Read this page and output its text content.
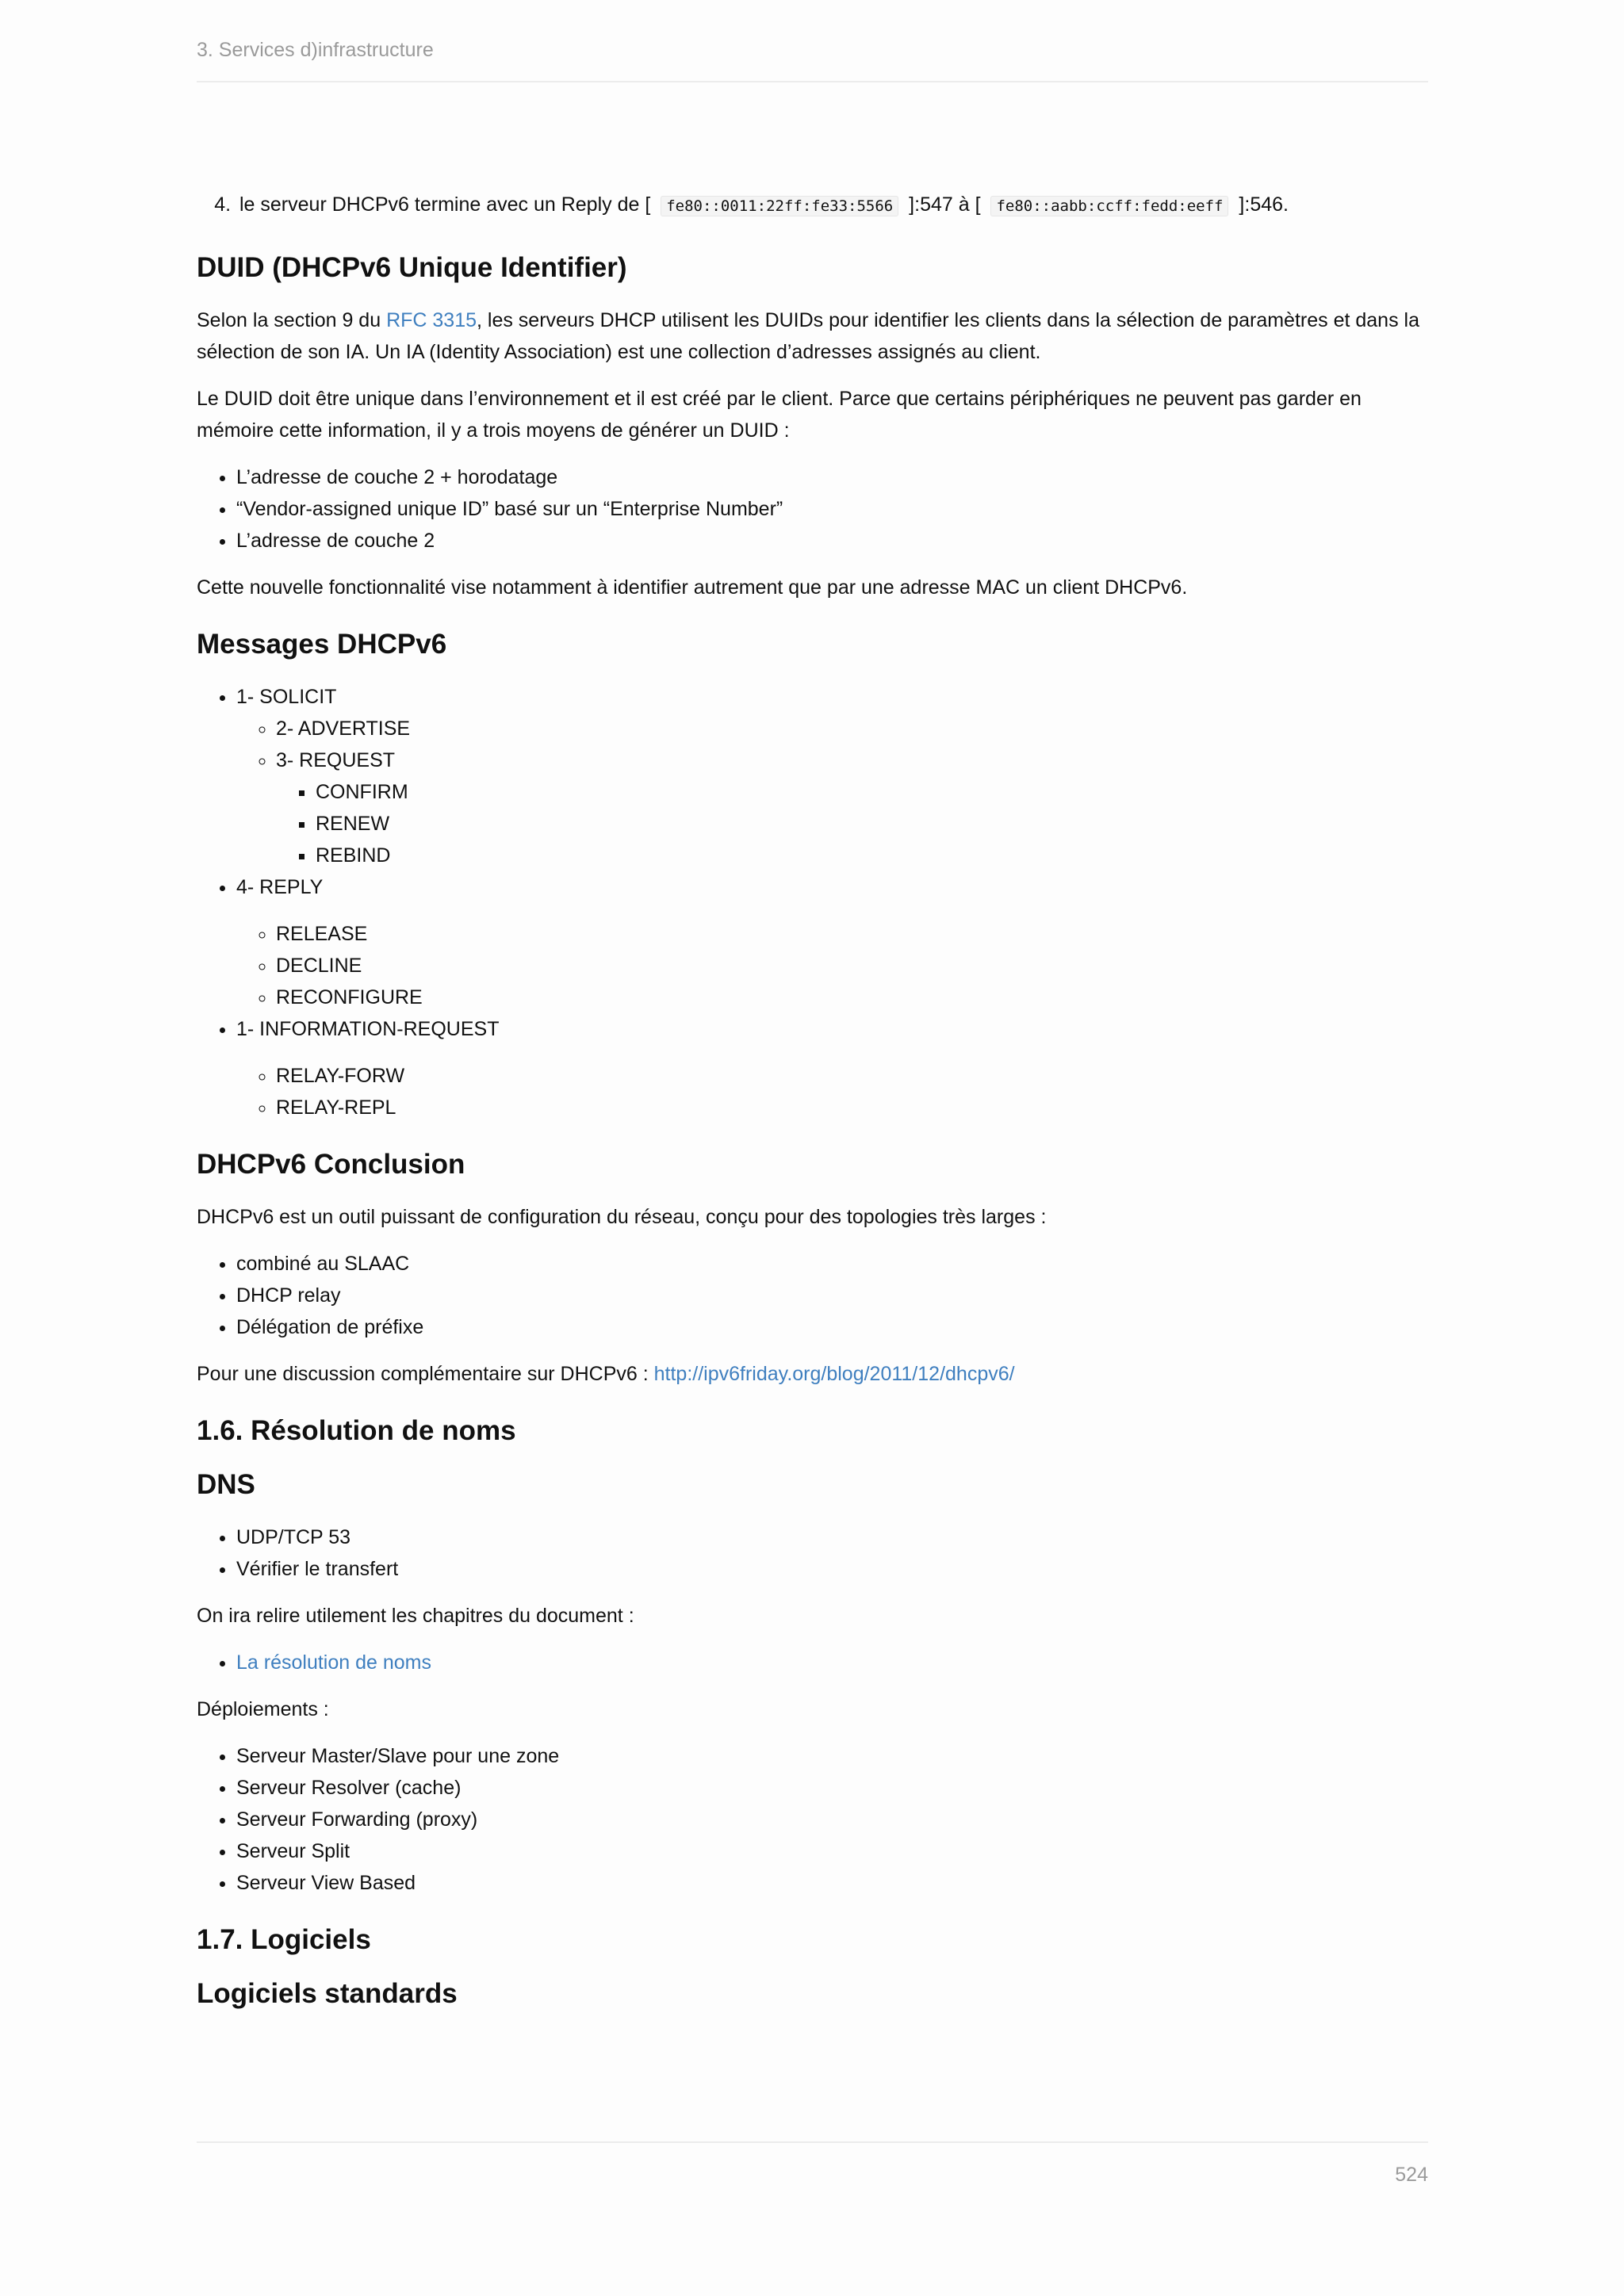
3. Services d)infrastructure
4. le serveur DHCPv6 termine avec un Reply de [ fe80::0011:22ff:fe33:5566 ]:547 à [ fe80::aabb:ccff:fedd:eeff ]:546.
DUID (DHCPv6 Unique Identifier)

Selon la section 9 du RFC 3315, les serveurs DHCP utilisent les DUIDs pour identifier les clients dans la sélection de paramètres et dans la sélection de son IA. Un IA (Identity Association) est une collection d’adresses assignés au client.

Le DUID doit être unique dans l’environnement et il est créé par le client. Parce que certains périphériques ne peuvent pas garder en mémoire cette information, il y a trois moyens de générer un DUID :

• L’adresse de couche 2 + horodatage
• “Vendor-assigned unique ID” basé sur un “Enterprise Number”
• L’adresse de couche 2

Cette nouvelle fonctionnalité vise notamment à identifier autrement que par une adresse MAC un client DHCPv6.

Messages DHCPv6
• 1- SOLICIT
◦ 2- ADVERTISE
◦ 3- REQUEST
▪ CONFIRM
▪ RENEW
▪ REBIND
• 4- REPLY
◦ RELEASE
◦ DECLINE
◦ RECONFIGURE
• 1- INFORMATION-REQUEST
◦ RELAY-FORW
◦ RELAY-REPL
DHCPv6 Conclusion

DHCPv6 est un outil puissant de configuration du réseau, conçu pour des topologies très larges :

• combiné au SLAAC
• DHCP relay
• Délégation de préfixe

Pour une discussion complémentaire sur DHCPv6 : http://ipv6friday.org/blog/2011/12/dhcpv6/

1.6. Résolution de noms
DNS
• UDP/TCP 53
• Vérifier le transfert

On ira relire utilement les chapitres du document :

• La résolution de noms

Déploiements :

• Serveur Master/Slave pour une zone
• Serveur Resolver (cache)
• Serveur Forwarding (proxy)
• Serveur Split
• Serveur View Based
1.7. Logiciels
Logiciels standards
524
